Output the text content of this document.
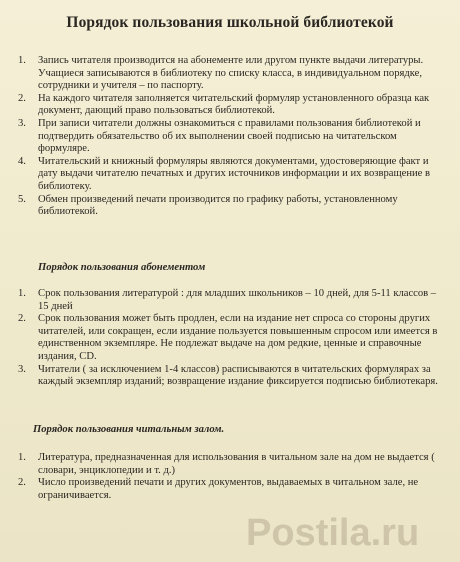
Порядок пользования школьной библиотекой
1. Запись читателя производится на абонементе или другом пункте выдачи литературы. Учащиеся записываются в библиотеку по списку класса, в индивидуальном порядке, сотрудники и учителя – по паспорту.
2. На каждого читателя заполняется читательский формуляр установленного образца как документ, дающий право пользоваться библиотекой.
3. При записи читатели должны ознакомиться с правилами пользования библиотекой и подтвердить обязательство об их выполнении своей подписью на читательском формуляре.
4. Читательский и книжный формуляры являются документами, удостоверяющие факт и дату выдачи читателю печатных и других источников информации и их возвращение в библиотеку.
5. Обмен произведений печати производится по графику работы, установленному библиотекой.
Порядок пользования абонементом
1. Срок пользования литературой : для младших школьников – 10 дней, для 5-11 классов – 15 дней
2. Срок пользования может быть продлен, если на издание нет спроса со стороны других читателей, или сокращен, если издание пользуется повышенным спросом или имеется в единственном экземпляре. Не подлежат выдаче на дом редкие, ценные и справочные издания, CD.
3. Читатели ( за исключением 1-4 классов) расписываются в читательских формулярах за каждый экземпляр изданий; возвращение издание фиксируется подписью библиотекаря.
Порядок пользования читальным залом.
1. Литература, предназначенная для использования в читальном зале на дом не выдается ( словари, энциклопедии и т. д.)
2. Число произведений печати и других документов, выдаваемых в читальном зале, не ограничивается.
Postila.ru
